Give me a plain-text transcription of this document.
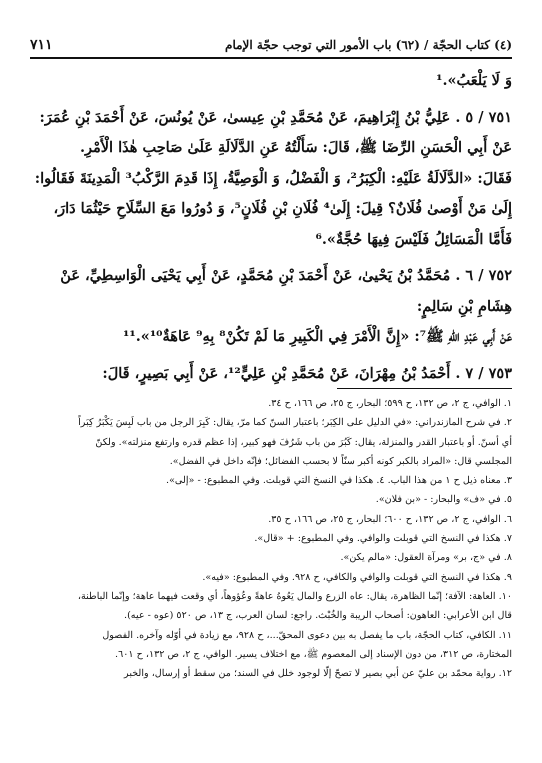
(٤) كتاب الحجّة / (٦٢) باب الأمور التي توجب حجّة الإمام
٧١١
وَ لَا يَلْعَبُ».¹
٧٥١ / ٥ . عَلِيُّ بْنُ إِبْرَاهِيمَ، عَنْ مُحَمَّدِ بْنِ عِيسىٰ، عَنْ يُونُسَ، عَنْ أَحْمَدَ بْنِ عُمَرَ:
عَنْ أَبِي الْحَسَنِ الرِّضَا ﷺ، قَالَ: سَأَلْتُهُ عَنِ الدَّلَالَةِ عَلَىٰ صَاحِبِ هٰذَا الْأَمْرِ.
فَقَالَ: «الدَّلَالَةُ عَلَيْهِ: الْكِبَرُ²، وَ الْفَضْلُ، وَ الْوَصِيَّةُ، إِذَا قَدِمَ الرَّكْبُ³ الْمَدِينَةَ فَقَالُوا:
إِلَىٰ مَنْ أَوْصىٰ فُلَانٌ؟ قِيلَ: إِلَىٰ⁴ فُلَانِ بْنِ فُلَانٍ⁵، وَ دُورُوا مَعَ السِّلَاحِ حَيْثُمَا دَارَ،
فَأَمَّا الْمَسَائِلُ فَلَيْسَ فِيهَا حُجَّةٌ».⁶
٧٥٢ / ٦ . مُحَمَّدُ بْنُ يَحْيىٰ، عَنْ أَحْمَدَ بْنِ مُحَمَّدٍ، عَنْ أَبِي يَحْيَى الْوَاسِطِيِّ، عَنْ
هِشَامِ بْنِ سَالِمٍ:
عَنْ أَبِي عَبْدِ اللّٰهِ ﷺ⁷: «إِنَّ الْأَمْرَ فِي الْكَبِيرِ مَا لَمْ تَكُنْ⁸ بِهِ⁹ عَاهَةٌ¹⁰».¹¹
٧٥٣ / ٧ . أَحْمَدُ بْنُ مِهْرَانَ، عَنْ مُحَمَّدِ بْنِ عَلِيٍّ¹²، عَنْ أَبِي بَصِيرٍ، قَالَ:
١. الوافي، ج ٢، ص ١٣٢، ح ٥٩٩؛ البحار، ج ٢٥، ص ١٦٦، ح ٣٤.
٢. في شرح المازندراني: «في الدليل على الكِبَر؛ باعتبار السنّ كما مرّ، يقال: كَبِرَ الرجل من باب لَبِسَ يَكْبَرُ كِبَراً
أي أسنّ. أو باعتبار القدر والمنزلة، يقال: كَبُرَ من باب شَرُفَ فهو كبير، إذا عظم قدره وارتفع منزلته». ولكنّ
المجلسي قال: «المراد بالكبر كونه أكبر سنّاً لا بحسب الفضائل؛ فإنّه داخل في الفضل».
٣. معناه ذيل ح ١ من هذا الباب. ٤. هكذا في النسخ التي قوبلت. وفي المطبوع: - «إلى».
٥. في «ف» والبحار: - «بن فلان».
٦. الوافي، ج ٢، ص ١٣٢، ح ٦٠٠؛ البحار، ج ٢٥، ص ١٦٦، ح ٣٥.
٧. هكذا في النسخ التي قوبلت والوافي. وفي المطبوع: + «قال».
٨. في «ج، بر» ومرآة العقول: «مالم يكن».
٩. هكذا في النسخ التي قوبلت والوافي والكافي، ح ٩٢٨. وفي المطبوع: «فيه».
١٠. العاهة: الآفة؛ إنّما الظاهرة، يقال: عاه الزرع والمال يَعُوهُ عاهةً وعُؤوهاً، أي وقعت فيهما عاهة؛ وإنّما الباطنة،
قال ابن الأعرابي: العاهون: أصحاب الريبة والخُبْث. راجع: لسان العرب، ج ١٣، ص ٥٢٠ (عوه - عيه).
١١. الكافي، كتاب الحجّة، باب ما يفصل به بين دعوى المحقّ...، ح ٩٢٨، مع زيادة في أوّله وآخره. الفصول
المختارة، ص ٣١٢، من دون الإسناد إلى المعصوم ﷺ، مع اختلاف يسير. الوافي، ج ٢، ص ١٣٢، ح ٦٠١.
١٢. رواية محمّد بن عليّ عن أبي بصير لا تصحّ إلّا لوجود خلل في السند؛ من سقط أو إرسال، والخبر
